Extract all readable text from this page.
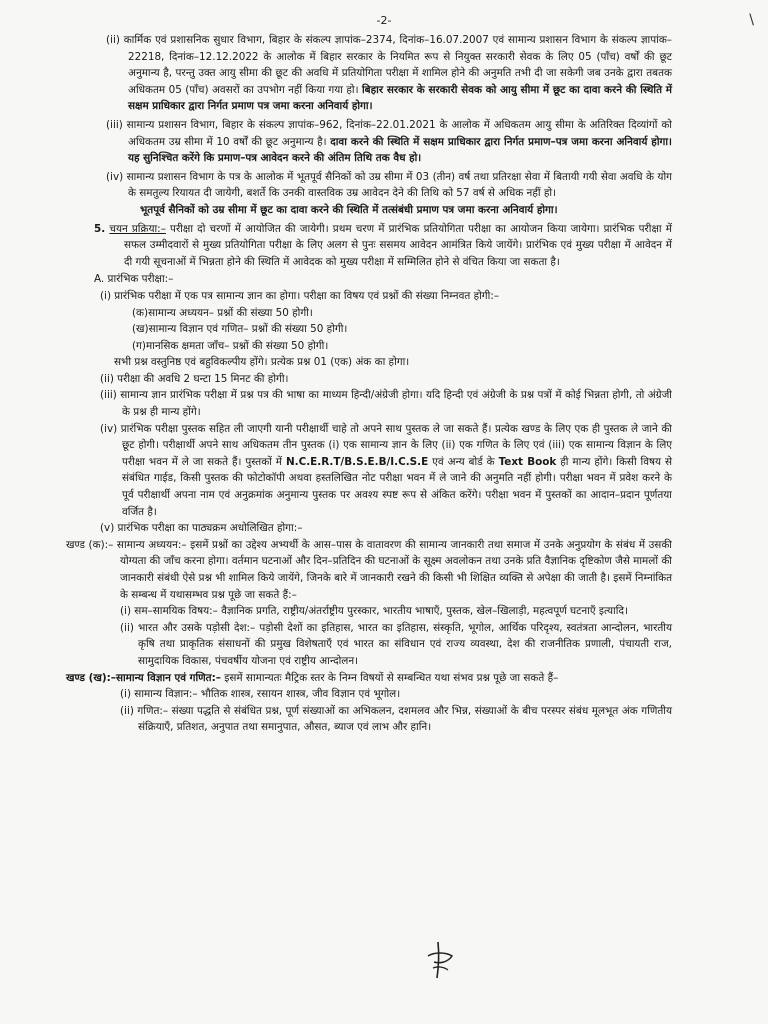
-2-	\

(ii) कार्मिक एवं प्रशासनिक सुधार विभाग, बिहार के संकल्प ज्ञापांक–2374, दिनांक–16.07.2007 एवं सामान्य प्रशासन विभाग के संकल्प ज्ञापांक–22218, दिनांक–12.12.2022 के आलोक में बिहार सरकार के नियमित रूप से नियुक्त सरकारी सेवक के लिए 05 (पाँच) वर्षों की छूट अनुमान्य है, परन्तु उक्त आयु सीमा की छूट की अवधि में प्रतियोगिता परीक्षा में शामिल होने की अनुमति तभी दी जा सकेगी जब उनके द्वारा तबतक अधिकतम 05 (पाँच) अवसरों का उपभोग नहीं किया गया हो। बिहार सरकार के सरकारी सेवक को आयु सीमा में छूट का दावा करने की स्थिति में सक्षम प्राधिकार द्वारा निर्गत प्रमाण पत्र जमा करना अनिवार्य होगा।

(iii) सामान्य प्रशासन विभाग, बिहार के संकल्प ज्ञापांक–962, दिनांक–22.01.2021 के आलोक में अधिकतम आयु सीमा के अतिरिक्त दिव्यांगों को अधिकतम उम्र सीमा में 10 वर्षों की छूट अनुमान्य है। दावा करने की स्थिति में सक्षम प्राधिकार द्वारा निर्गत प्रमाण–पत्र जमा करना अनिवार्य होगा। यह सुनिश्चित करेंगे कि प्रमाण–पत्र आवेदन करने की अंतिम तिथि तक वैध हो।

(iv) सामान्य प्रशासन विभाग के पत्र के आलोक में भूतपूर्व सैनिकों को उम्र सीमा में 03 (तीन) वर्ष तथा प्रतिरक्षा सेवा में बितायी गयी सेवा अवधि के योग के समतुल्य रियायत दी जायेगी, बशर्ते कि उनकी वास्तविक उम्र आवेदन देने की तिथि को 57 वर्ष से अधिक नहीं हो।

भूतपूर्व सैनिकों को उम्र सीमा में छूट का दावा करने की स्थिति में तत्संबंधी प्रमाण पत्र जमा करना अनिवार्य होगा।

5. चयन प्रक्रिया:– परीक्षा दो चरणों में आयोजित की जायेगी। प्रथम चरण में प्रारंभिक प्रतियोगिता परीक्षा का आयोजन किया जायेगा। प्रारंभिक परीक्षा में सफल उम्मीदवारों से मुख्य प्रतियोगिता परीक्षा के लिए अलग से पुनः ससमय आवेदन आमंत्रित किये जायेंगे। प्रारंभिक एवं मुख्य परीक्षा में आवेदन में दी गयी सूचनाओं में भिन्नता होने की स्थिति में आवेदक को मुख्य परीक्षा में सम्मिलित होने से वंचित किया जा सकता है।

A. प्रारंभिक परीक्षा:–

(i) प्रारंभिक परीक्षा में एक पत्र सामान्य ज्ञान का होगा। परीक्षा का विषय एवं प्रश्नों की संख्या निम्नवत होगी:–

(क)सामान्य अध्ययन– प्रश्नों की संख्या 50 होगी।

(ख)सामान्य विज्ञान एवं गणित– प्रश्नों की संख्या 50 होगी।

(ग)मानसिक क्षमता जाँच– प्रश्नों की संख्या 50 होगी।

सभी प्रश्न वस्तुनिष्ठ एवं बहुविकल्पीय होंगे। प्रत्येक प्रश्न 01 (एक) अंक का होगा।

(ii) परीक्षा की अवधि 2 घन्टा 15 मिनट की होगी।

(iii) सामान्य ज्ञान प्रारंभिक परीक्षा में प्रश्न पत्र की भाषा का माध्यम हिन्दी/अंग्रेजी होगा। यदि हिन्दी एवं अंग्रेजी के प्रश्न पत्रों में कोई भिन्नता होगी, तो अंग्रेजी के प्रश्न ही मान्य होंगे।

(iv) प्रारंभिक परीक्षा पुस्तक सहित ली जाएगी यानी परीक्षार्थी चाहे तो अपने साथ पुस्तक ले जा सकते हैं। प्रत्येक खण्ड के लिए एक ही पुस्तक ले जाने की छूट होगी। परीक्षार्थी अपने साथ अधिकतम तीन पुस्तक (i) एक सामान्य ज्ञान के लिए (ii) एक गणित के लिए एवं (iii) एक सामान्य विज्ञान के लिए परीक्षा भवन में ले जा सकते हैं। पुस्तकों में N.C.E.R.T/B.S.E.B/I.C.S.E एवं अन्य बोर्ड के Text Book ही मान्य होंगे। किसी विषय से संबंधित गाईड, किसी पुस्तक की फोटोकॉपी अथवा हस्तलिखित नोट परीक्षा भवन में ले जाने की अनुमति नहीं होगी। परीक्षा भवन में प्रवेश करने के पूर्व परीक्षार्थी अपना नाम एवं अनुक्रमांक अनुमान्य पुस्तक पर अवश्य स्पष्ट रूप से अंकित करेंगे। परीक्षा भवन में पुस्तकों का आदान–प्रदान पूर्णतया वर्जित है।

(v) प्रारंभिक परीक्षा का पाठ्यक्रम अधोलिखित होगा:–

खण्ड (क):– सामान्य अध्ययन:– इसमें प्रश्नों का उद्देश्य अभ्यर्थी के आस–पास के वातावरण की सामान्य जानकारी तथा समाज में उनके अनुप्रयोग के संबंध में उसकी योग्यता की जाँच करना होगा। वर्तमान घटनाओं और दिन–प्रतिदिन की घटनाओं के सूक्ष्म अवलोकन तथा उनके प्रति वैज्ञानिक दृष्टिकोण जैसे मामलों की जानकारी संबंधी ऐसे प्रश्न भी शामिल किये जायेंगे, जिनके बारे में जानकारी रखने की किसी भी शिक्षित व्यक्ति से अपेक्षा की जाती है। इसमें निम्नांकित के सम्बन्ध में यथासम्भव प्रश्न पूछे जा सकते हैं:–

(i) सम–सामयिक विषय:– वैज्ञानिक प्रगति, राष्ट्रीय/अंतर्राष्ट्रीय पुरस्कार, भारतीय भाषाएँ, पुस्तक, खेल–खिलाड़ी, महत्वपूर्ण घटनाएँ इत्यादि।

(ii) भारत और उसके पड़ोसी देश:– पड़ोसी देशों का इतिहास, भारत का इतिहास, संस्कृति, भूगोल, आर्थिक परिदृश्य, स्वतंत्रता आन्दोलन, भारतीय कृषि तथा प्राकृतिक संसाधनों की प्रमुख विशेषताएँ एवं भारत का संविधान एवं राज्य व्यवस्था, देश की राजनीतिक प्रणाली, पंचायती राज, सामुदायिक विकास, पंचवर्षीय योजना एवं राष्ट्रीय आन्दोलन।

खण्ड (ख):–सामान्य विज्ञान एवं गणित:– इसमें सामान्यतः मैट्रिक स्तर के निम्न विषयों से सम्बन्धित यथा संभव प्रश्न पूछे जा सकते हैं–

(i) सामान्य विज्ञान:– भौतिक शास्त्र, रसायन शास्त्र, जीव विज्ञान एवं भूगोल।

(ii) गणित:– संख्या पद्धति से संबंधित प्रश्न, पूर्ण संख्याओं का अभिकलन, दशमलव और भिन्न, संख्याओं के बीच परस्पर संबंध मूलभूत अंक गणितीय संक्रियाएँ, प्रतिशत, अनुपात तथा समानुपात, औसत, ब्याज एवं लाभ और हानि।
